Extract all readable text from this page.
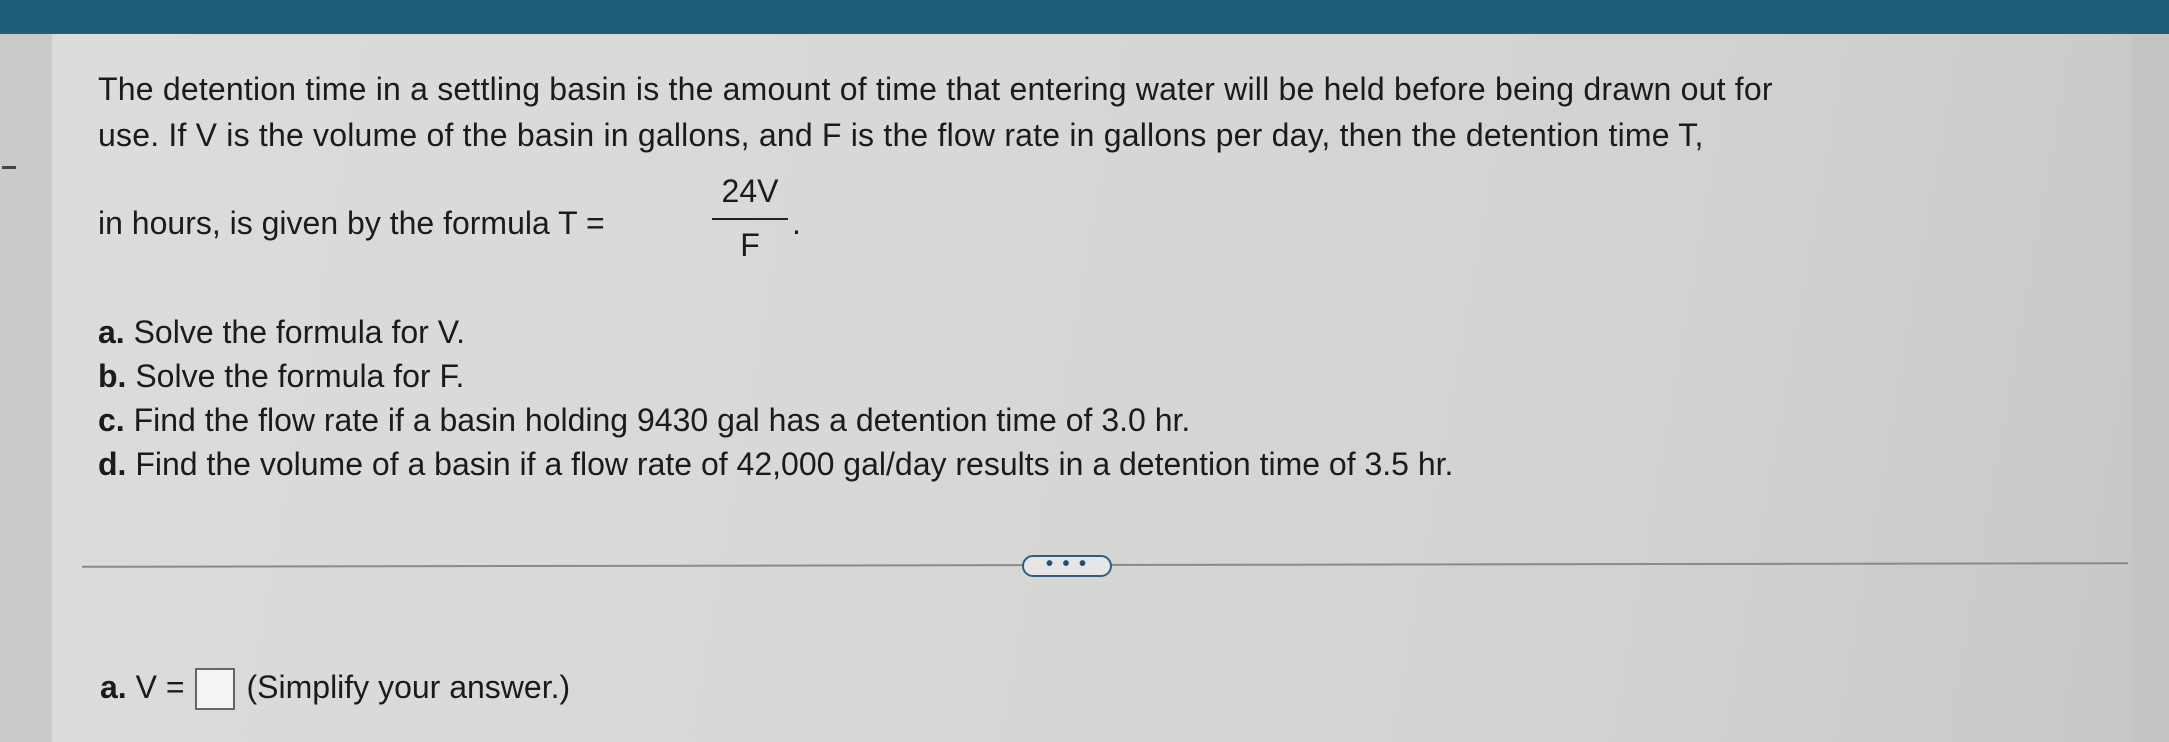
The detention time in a settling basin is the amount of time that entering water will be held before being drawn out for
use. If V is the volume of the basin in gallons, and F is the flow rate in gallons per day, then the detention time T,
in hours, is given by the formula T =
24V
F
.
a. Solve the formula for V.
b. Solve the formula for F.
c. Find the flow rate if a basin holding 9430 gal has a detention time of 3.0 hr.
d. Find the volume of a basin if a flow rate of 42,000 gal/day results in a detention time of 3.5 hr.
• • •
a. V = (Simplify your answer.)
